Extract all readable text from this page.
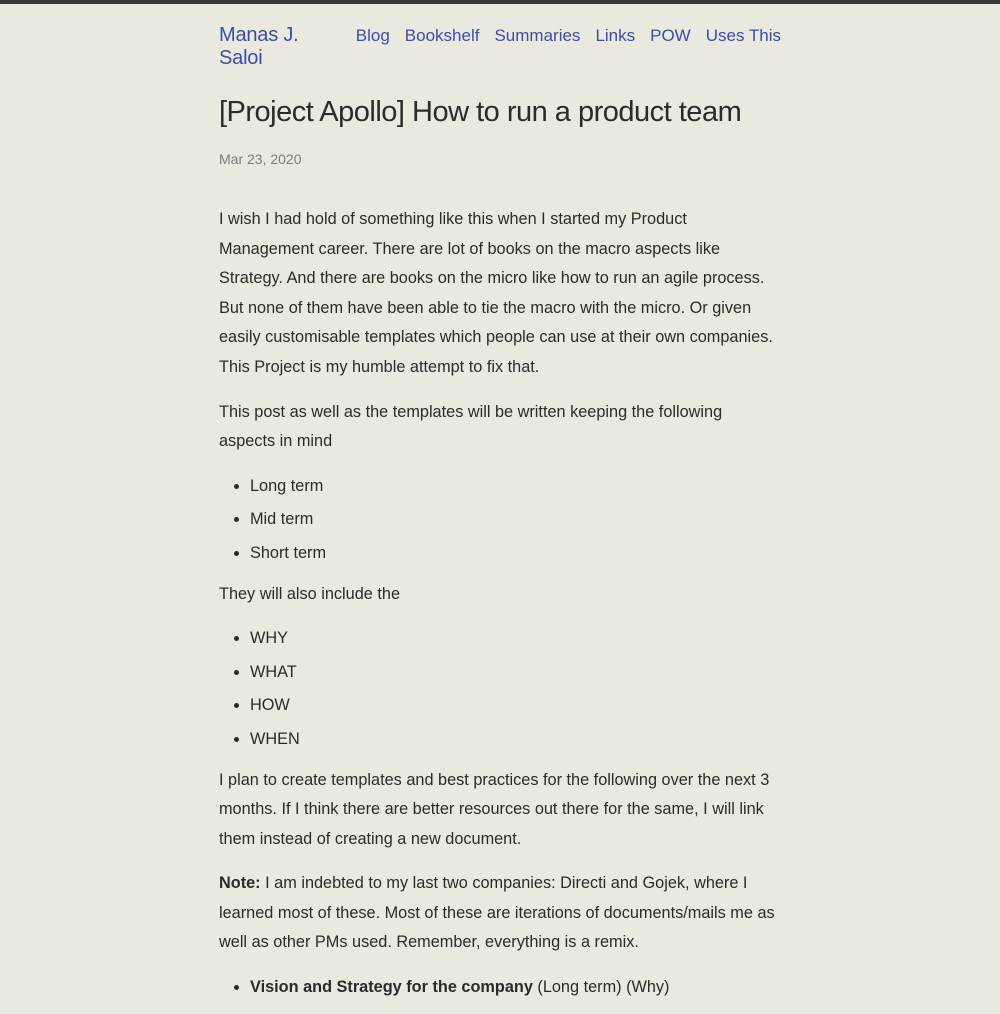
Manas J. Saloi
Blog Bookshelf Summaries Links POW Uses This
[Project Apollo] How to run a product team
Mar 23, 2020

I wish I had hold of something like this when I started my Product Management career. There are lot of books on the macro aspects like Strategy. And there are books on the micro like how to run an agile process. But none of them have been able to tie the macro with the micro. Or given easily customisable templates which people can use at their own companies. This Project is my humble attempt to fix that.

This post as well as the templates will be written keeping the following aspects in mind

• Long term
• Mid term
• Short term

They will also include the

• WHY
• WHAT
• HOW
• WHEN

I plan to create templates and best practices for the following over the next 3 months. If I think there are better resources out there for the same, I will link them instead of creating a new document.

Note: I am indebted to my last two companies: Directi and Gojek, where I learned most of these. Most of these are iterations of documents/mails me as well as other PMs used. Remember, everything is a remix.

• Vision and Strategy for the company (Long term) (Why)
